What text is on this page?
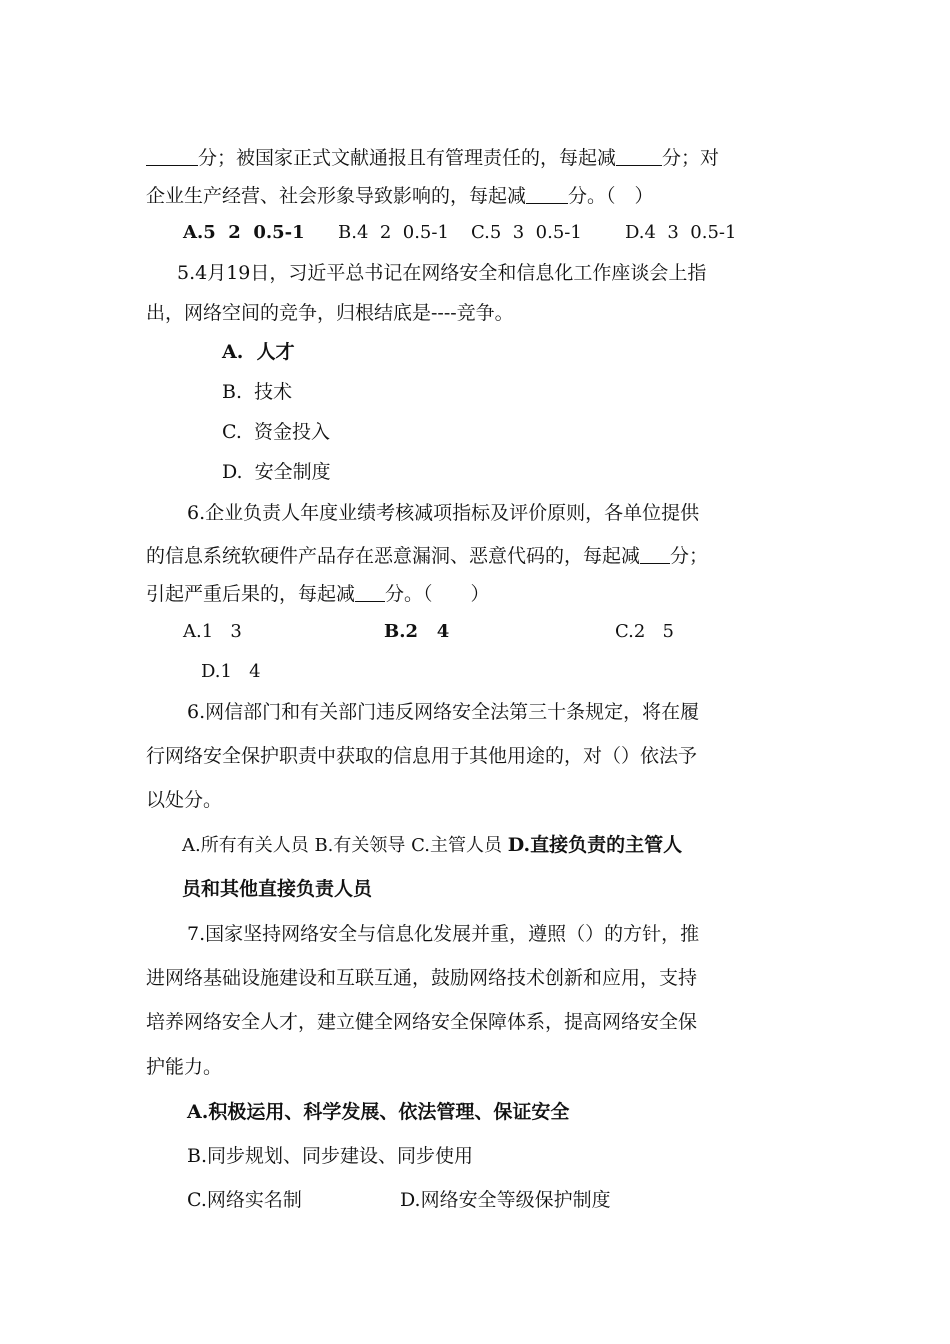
分；被国家正式文献通报且有管理责任的，每起减 分；对
企业生产经营、社会形象导致影响的，每起减 分。（　）
A.5  2  0.5-1 B.4  2  0.5-1 C.5  3  0.5-1 D.4  3  0.5-1
5.4月19日，习近平总书记在网络安全和信息化工作座谈会上指
出，网络空间的竞争，归根结底是----竞争。
A.  人才
B.  技术
C.  资金投入
D.  安全制度
6.企业负责人年度业绩考核减项指标及评价原则，各单位提供
的信息系统软硬件产品存在恶意漏洞、恶意代码的，每起减 分；
引起严重后果的，每起减 分。（　　）
A.1   3	B.2   4	C.2   5
D.1   4
6.网信部门和有关部门违反网络安全法第三十条规定，将在履
行网络安全保护职责中获取的信息用于其他用途的，对（）依法予
以处分。
A.所有有关人员 B.有关领导 C.主管人员 D.直接负责的主管人
员和其他直接负责人员
7.国家坚持网络安全与信息化发展并重，遵照（）的方针，推
进网络基础设施建设和互联互通，鼓励网络技术创新和应用，支持
培养网络安全人才，建立健全网络安全保障体系，提高网络安全保
护能力。
A.积极运用、科学发展、依法管理、保证安全
B.同步规划、同步建设、同步使用
C.网络实名制	D.网络安全等级保护制度
